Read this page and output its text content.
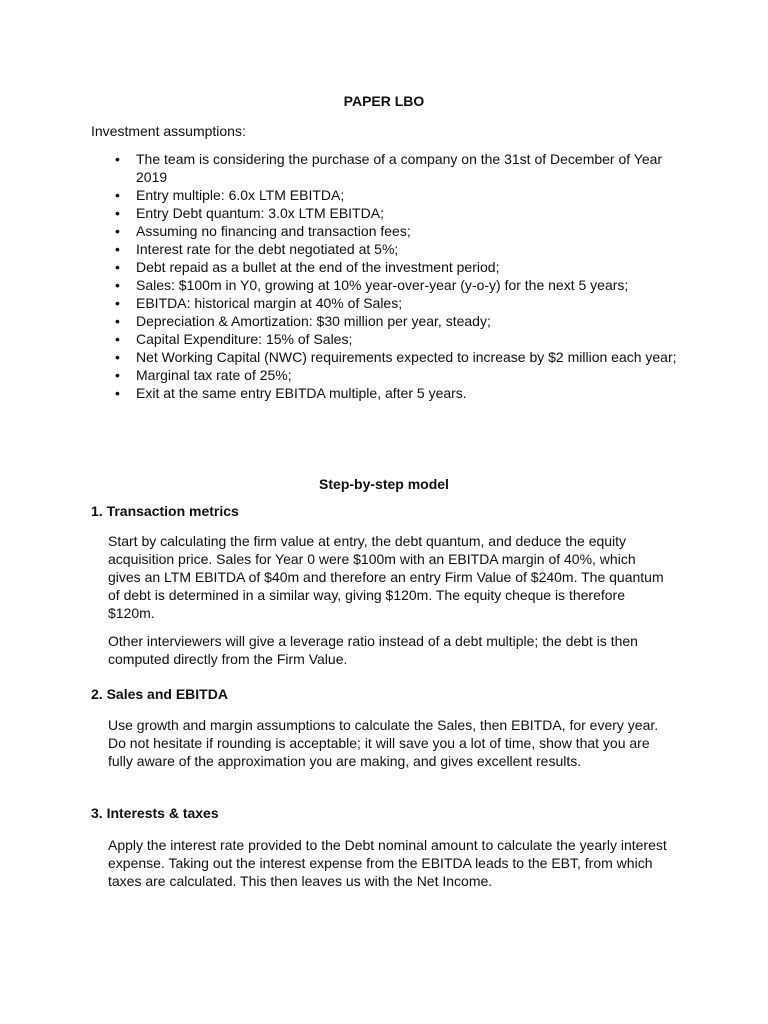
PAPER LBO
Investment assumptions:
• The team is considering the purchase of a company on the 31st of December of Year 2019
• Entry multiple: 6.0x LTM EBITDA;
• Entry Debt quantum: 3.0x LTM EBITDA;
• Assuming no financing and transaction fees;
• Interest rate for the debt negotiated at 5%;
• Debt repaid as a bullet at the end of the investment period;
• Sales: $100m in Y0, growing at 10% year-over-year (y-o-y) for the next 5 years;
• EBITDA: historical margin at 40% of Sales;
• Depreciation & Amortization: $30 million per year, steady;
• Capital Expenditure: 15% of Sales;
• Net Working Capital (NWC) requirements expected to increase by $2 million each year;
• Marginal tax rate of 25%;
• Exit at the same entry EBITDA multiple, after 5 years.
Step-by-step model
1. Transaction metrics

Start by calculating the firm value at entry, the debt quantum, and deduce the equity acquisition price. Sales for Year 0 were $100m with an EBITDA margin of 40%, which gives an LTM EBITDA of $40m and therefore an entry Firm Value of $240m. The quantum of debt is determined in a similar way, giving $120m. The equity cheque is therefore $120m.

Other interviewers will give a leverage ratio instead of a debt multiple; the debt is then computed directly from the Firm Value.

2. Sales and EBITDA

Use growth and margin assumptions to calculate the Sales, then EBITDA, for every year. Do not hesitate if rounding is acceptable; it will save you a lot of time, show that you are fully aware of the approximation you are making, and gives excellent results.

3. Interests & taxes

Apply the interest rate provided to the Debt nominal amount to calculate the yearly interest expense. Taking out the interest expense from the EBITDA leads to the EBT, from which taxes are calculated. This then leaves us with the Net Income.
